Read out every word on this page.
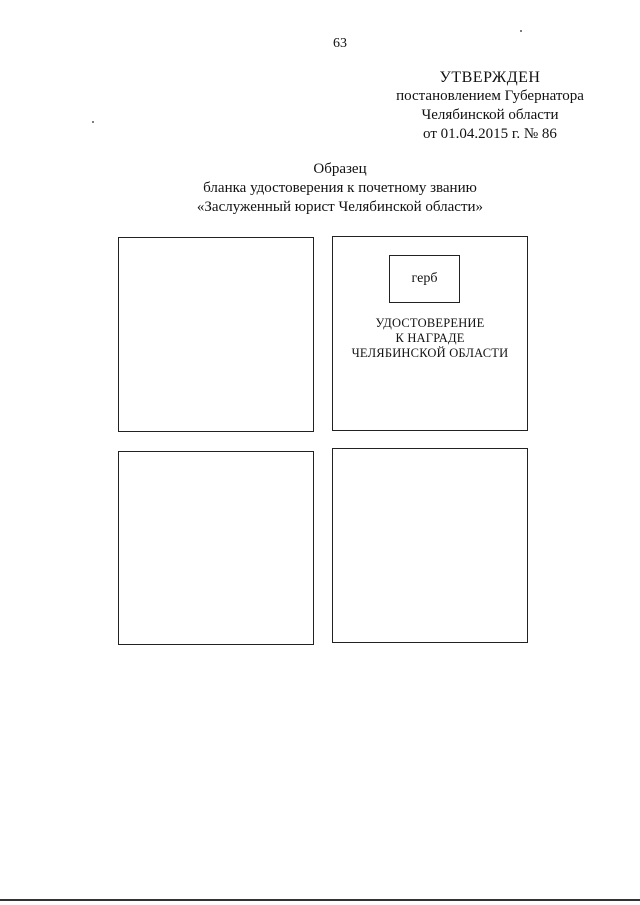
63
УТВЕРЖДЕН
постановлением Губернатора
Челябинской области
от 01.04.2015 г. № 86
Образец
бланка удостоверения к почетному званию
«Заслуженный юрист Челябинской области»
герб
УДОСТОВЕРЕНИЕ
К НАГРАДЕ
ЧЕЛЯБИНСКОЙ ОБЛАСТИ
